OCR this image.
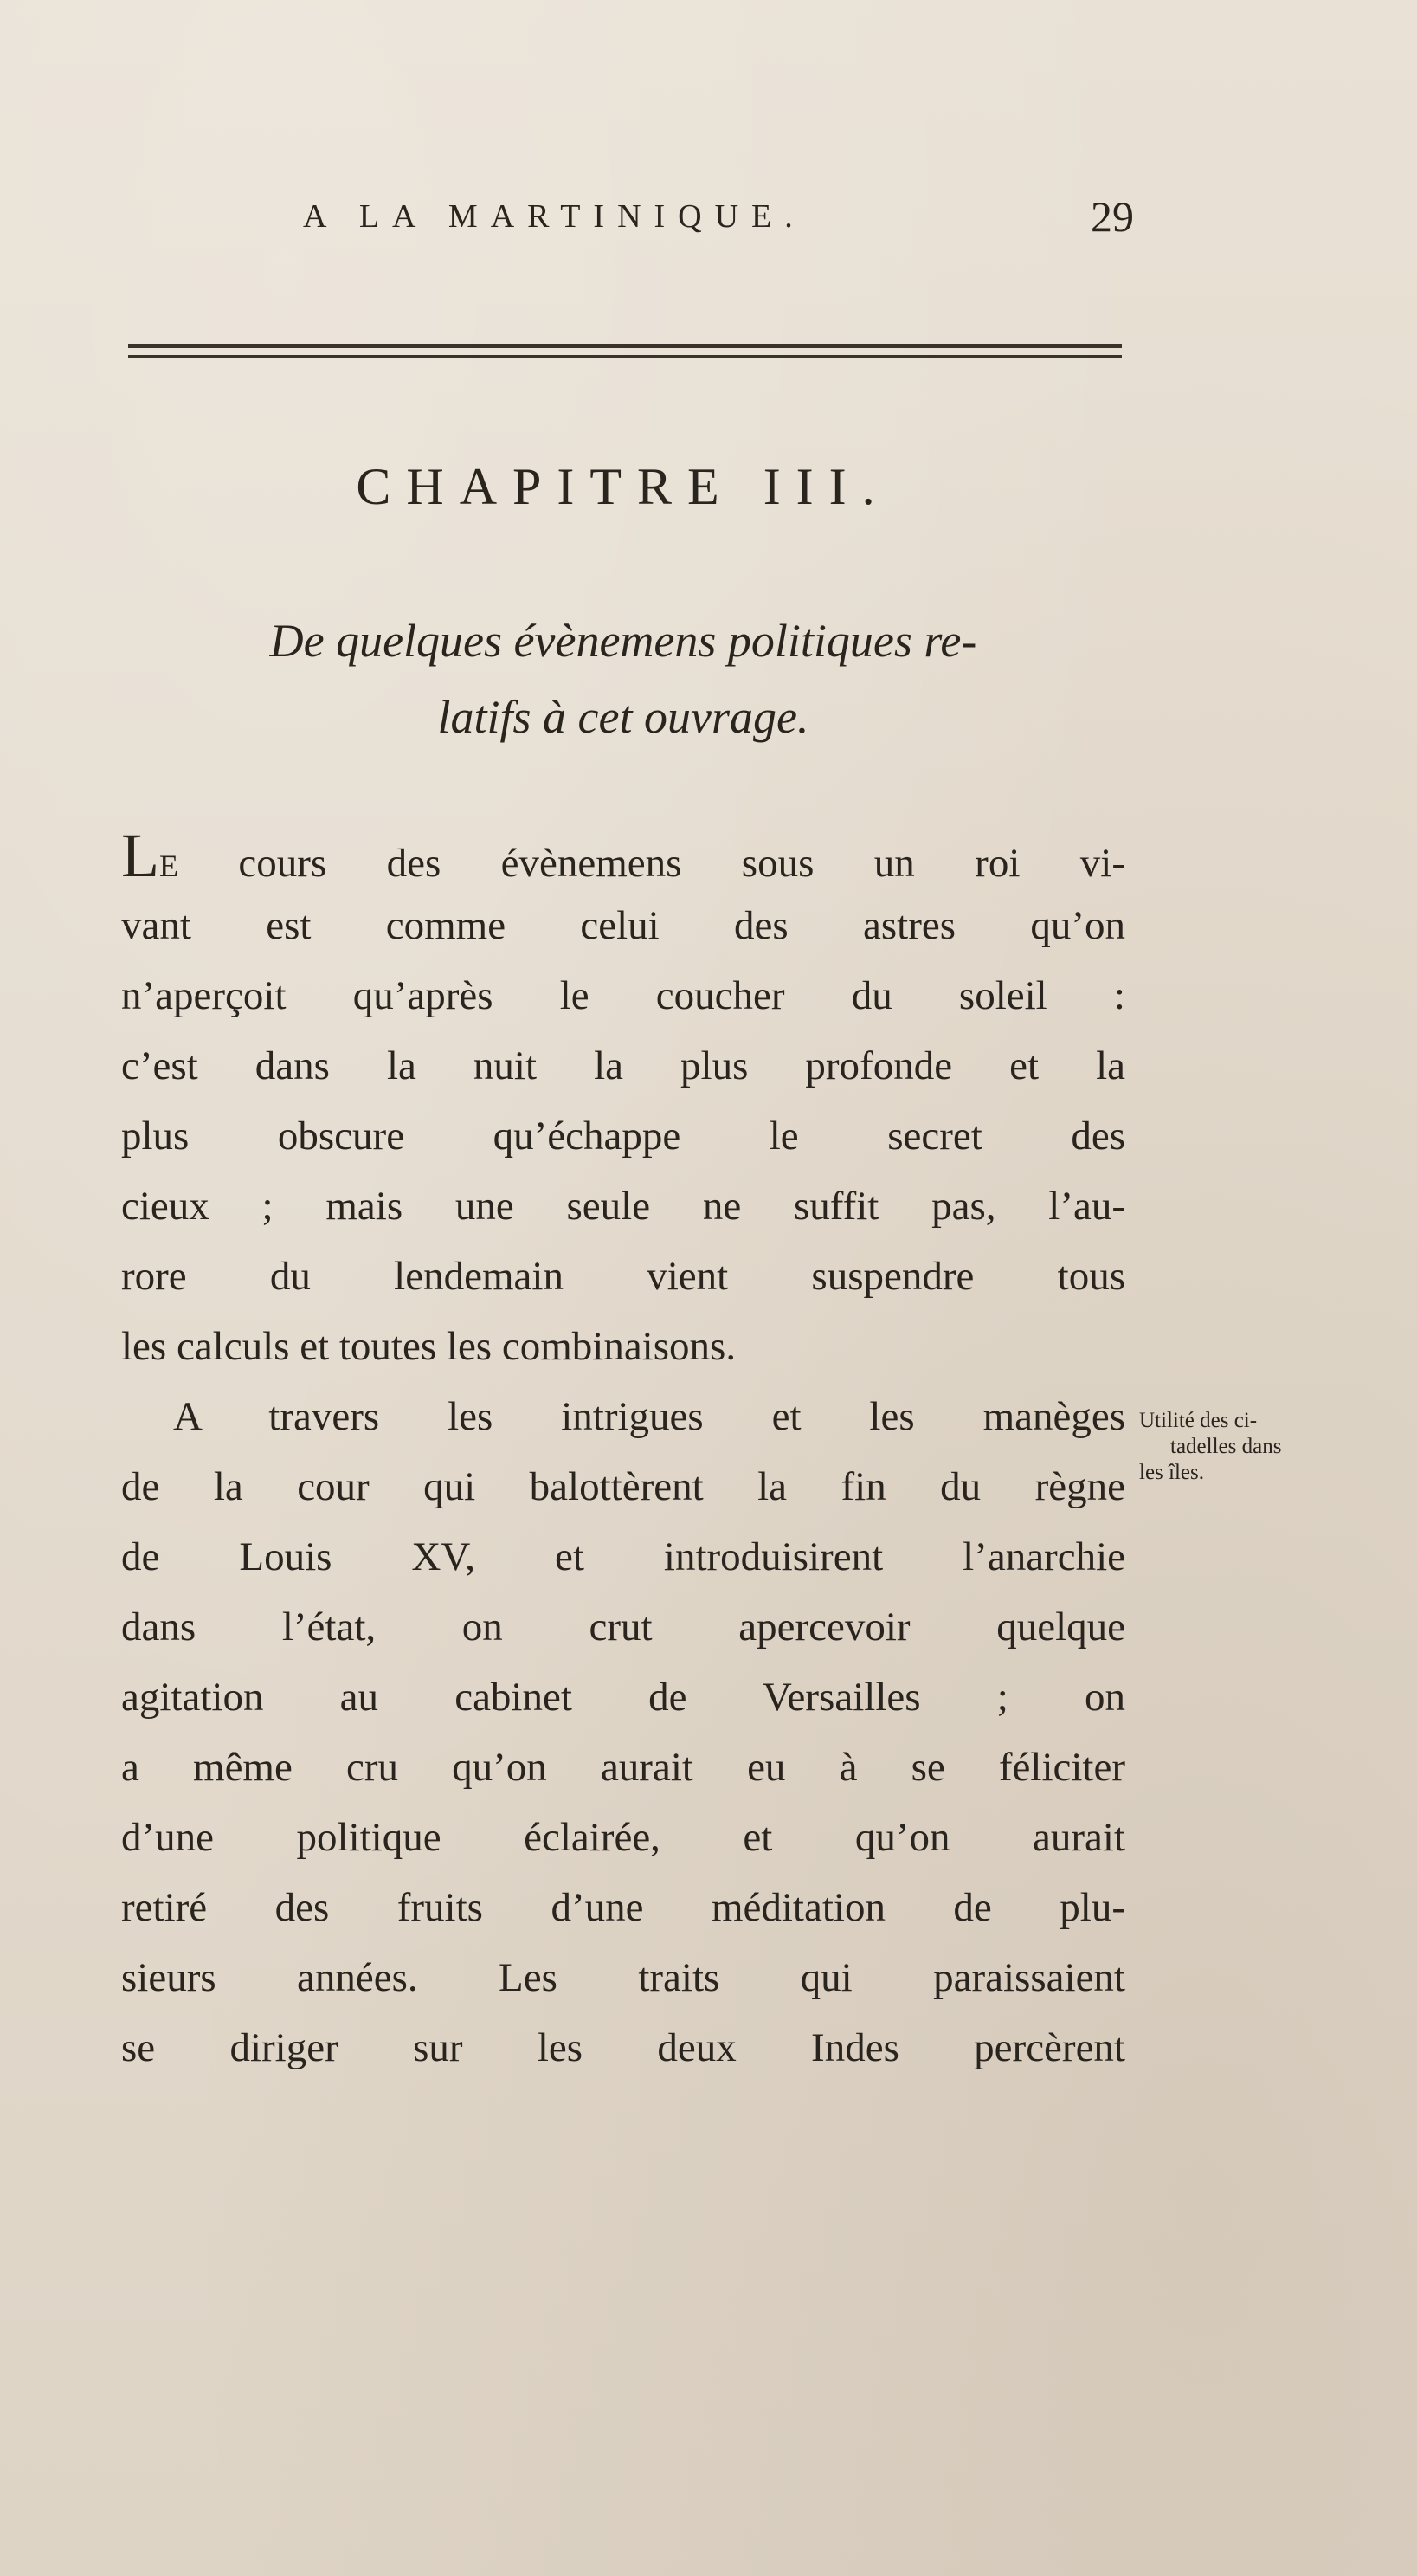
A LA MARTINIQUE.	29
CHAPITRE III.
De quelques évènemens politiques re-
latifs à cet ouvrage.
LE cours des évènemens sous un roi vi-
vant est comme celui des astres qu’on
n’aperçoit qu’après le coucher du soleil :
c’est dans la nuit la plus profonde et la
plus obscure qu’échappe le secret des
cieux ; mais une seule ne suffit pas, l’au-
rore du lendemain vient suspendre tous
les calculs et toutes les combinaisons.
A travers les intrigues et les manèges
de la cour qui balottèrent la fin du règne
de Louis XV, et introduisirent l’anarchie
dans l’état, on crut apercevoir quelque
agitation au cabinet de Versailles ; on
a même cru qu’on aurait eu à se féliciter
d’une politique éclairée, et qu’on aurait
retiré des fruits d’une méditation de plu-
sieurs années. Les traits qui paraissaient
se diriger sur les deux Indes percèrent
Utilité des ci-
tadelles dans
les îles.
